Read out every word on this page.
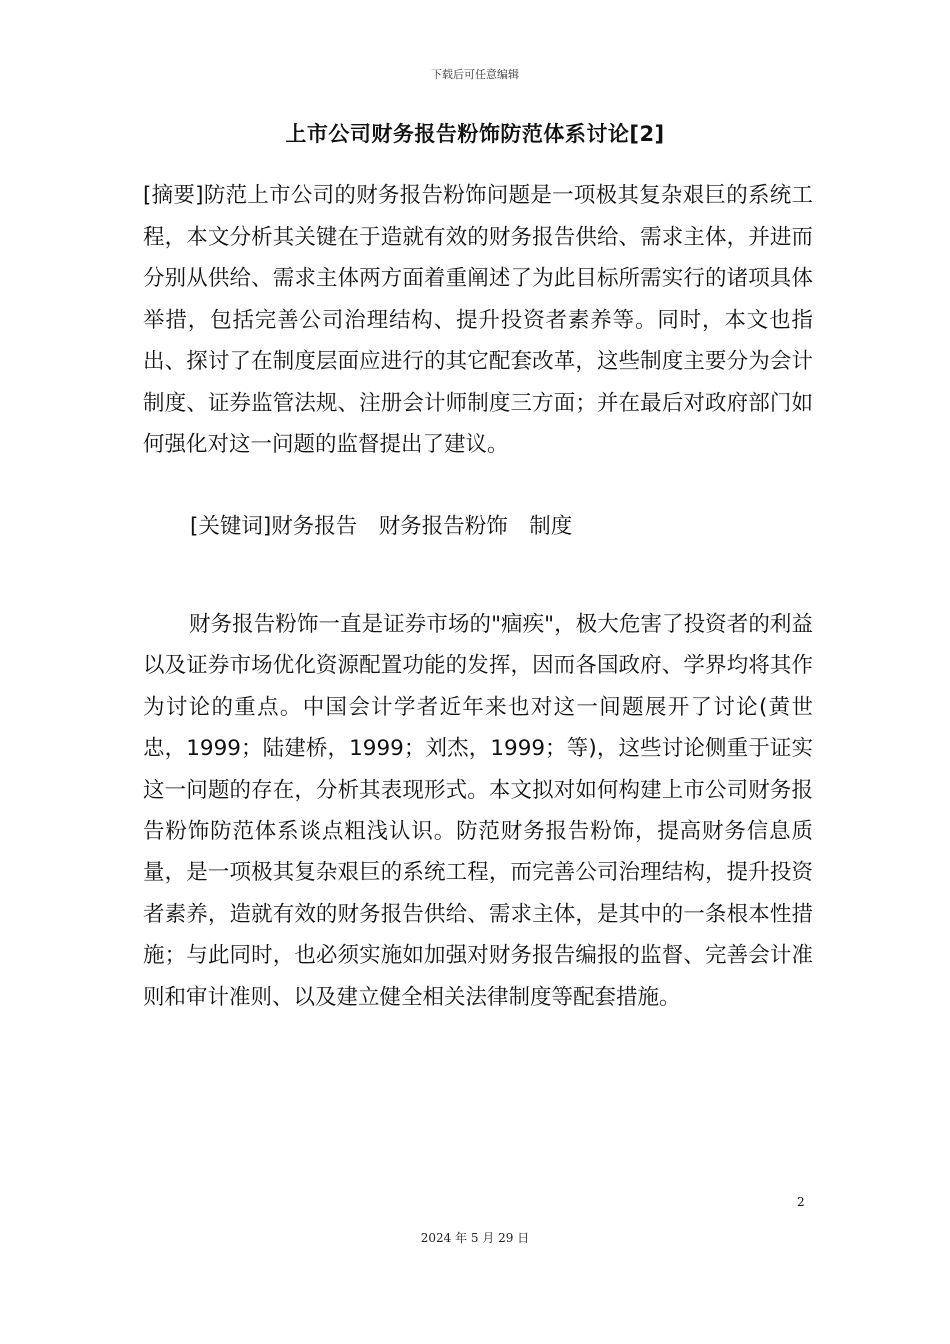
下载后可任意编辑
上市公司财务报告粉饰防范体系讨论[2]

[摘要]防范上市公司的财务报告粉饰问题是一项极其复杂艰巨的系统工程，本文分析其关键在于造就有效的财务报告供给、需求主体，并进而分别从供给、需求主体两方面着重阐述了为此目标所需实行的诸项具体举措，包括完善公司治理结构、提升投资者素养等。同时，本文也指出、探讨了在制度层面应进行的其它配套改革，这些制度主要分为会计制度、证券监管法规、注册会计师制度三方面；并在最后对政府部门如何强化对这一问题的监督提出了建议。

[关键词]财务报告　财务报告粉饰　制度

财务报告粉饰一直是证券市场的"痼疾"，极大危害了投资者的利益以及证券市场优化资源配置功能的发挥，因而各国政府、学界均将其作为讨论的重点。中国会计学者近年来也对这一间题展开了讨论(黄世忠，1999；陆建桥，1999；刘杰，1999；等)，这些讨论侧重于证实这一问题的存在，分析其表现形式。本文拟对如何构建上市公司财务报告粉饰防范体系谈点粗浅认识。防范财务报告粉饰，提高财务信息质量，是一项极其复杂艰巨的系统工程，而完善公司治理结构，提升投资者素养，造就有效的财务报告供给、需求主体，是其中的一条根本性措施；与此同时，也必须实施如加强对财务报告编报的监督、完善会计准则和审计准则、以及建立健全相关法律制度等配套措施。

2
2024 年 5 月 29 日
